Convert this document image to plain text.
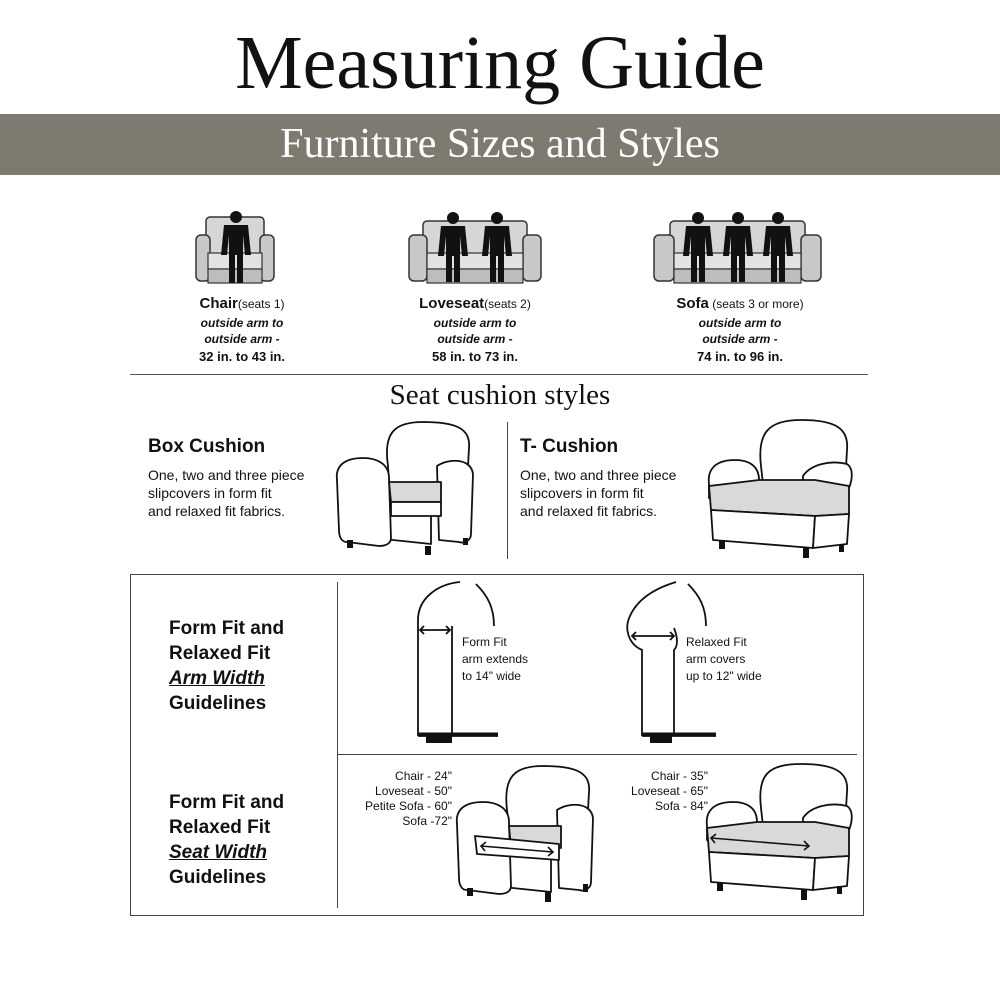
Measuring Guide
Furniture Sizes and Styles
Chair(seats 1)
outside arm to
outside arm -
32 in. to 43 in.
Loveseat(seats 2)
outside arm to
outside arm -
58 in. to 73 in.
Sofa (seats 3 or more)
outside arm to
outside arm -
74 in. to 96 in.
Seat cushion styles
Box Cushion
One, two and three piece
slipcovers in form fit
and relaxed fit fabrics.
T- Cushion
One, two and three piece
slipcovers in form fit
and relaxed fit fabrics.
Form Fit and
Relaxed Fit
Arm Width
Guidelines
Form Fit
arm extends
to 14" wide
Relaxed Fit
arm covers
up to 12" wide
Form Fit and
Relaxed Fit
Seat Width
Guidelines
Chair - 24"
Loveseat - 50"
Petite Sofa - 60"
Sofa -72"
Chair - 35"
Loveseat - 65"
Sofa - 84"
